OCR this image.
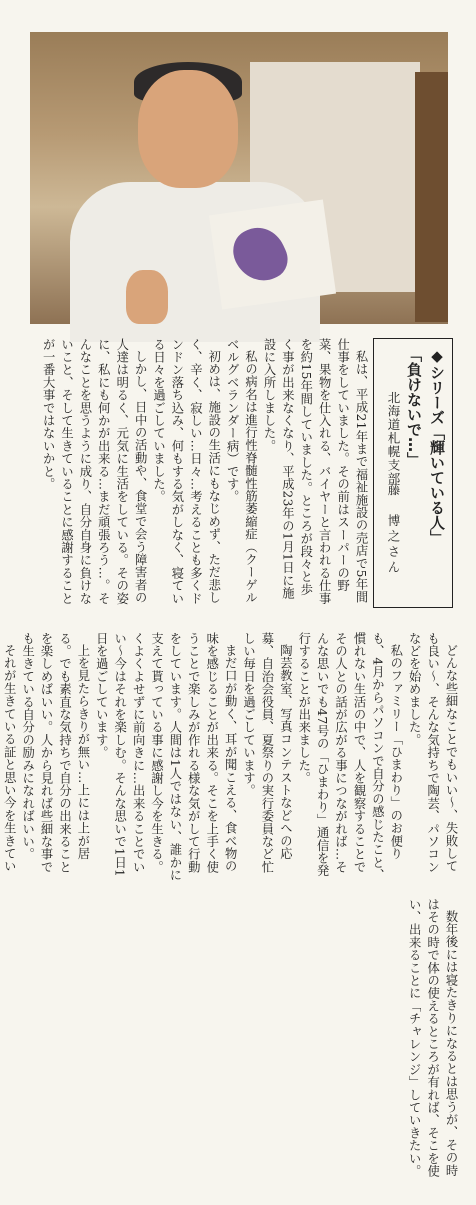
◆シリーズ「輝いている人」
「負けないで…」
北海道札幌支部
藤　博之さん

私は、平成21年まで福祉施設の売店で5年間仕事をしていました。その前はスーパーの野菜、果物を仕入れる、バイヤーと言われる仕事を約15年間していました。ところが段々と歩く事が出来なくなり、平成23年の1月1日に施設に入所しました。

私の病名は進行性脊髄性筋萎縮症（クーゲルベルグベランダー病）です。

初めは、施設の生活にもなじめず、ただ悲しく、辛く、寂しい…日々…考えることも多くドンドン落ち込み、何もする気がしなく、寝ている日々を過ごしていました。

しかし、日中の活動や、食堂で会う障害者の人達は明るく、元気に生活をしている。その姿に、私にも何かが出来る…まだ頑張ろう…。そんなことを思うように成り、自分自身に負けないこと、そして生きていることに感謝することが一番大事ではないかと。

どんな些細なことでもいい～、失敗しても良い～、そんな気持ちで陶芸、パソコンなどを始めました。

私のファミリー「ひまわり」のお便りも、4月からパソコンで自分の感じたこと、慣れない生活の中で、人を観察することでその人との話が広がる事につながれば…そんな思いでも47号の「ひまわり」通信を発行することが出来ました。

陶芸教室、写真コンテストなどへの応募、自治会役員、夏祭りの実行委員など忙しい毎日を過ごしています。

まだ口が動く、耳が聞こえる、食べ物の味を感じることが出来る。そこを上手く使うことで楽しみが作れる様な気がして行動をしています。人間は1人ではない、誰かに支えて貰っている事に感謝し今を生きる。くよくよせずに前向きに…出来ることでいい～今はそれを楽しむ。そんな思いで1日1日を過ごしています。

上を見たらきりが無い…上には上が居る。でも素直な気持ちで自分の出来ることを楽しめばいい。人から見れば些細な事でも生きている自分の励みになればいい。

それが生きている証と思い今を生きてい

数年後には寝たきりになるとは思うが、その時はその時で体の使えるところが有れば、そこを使い、出来ることに「チャレンジ」していきたい。
